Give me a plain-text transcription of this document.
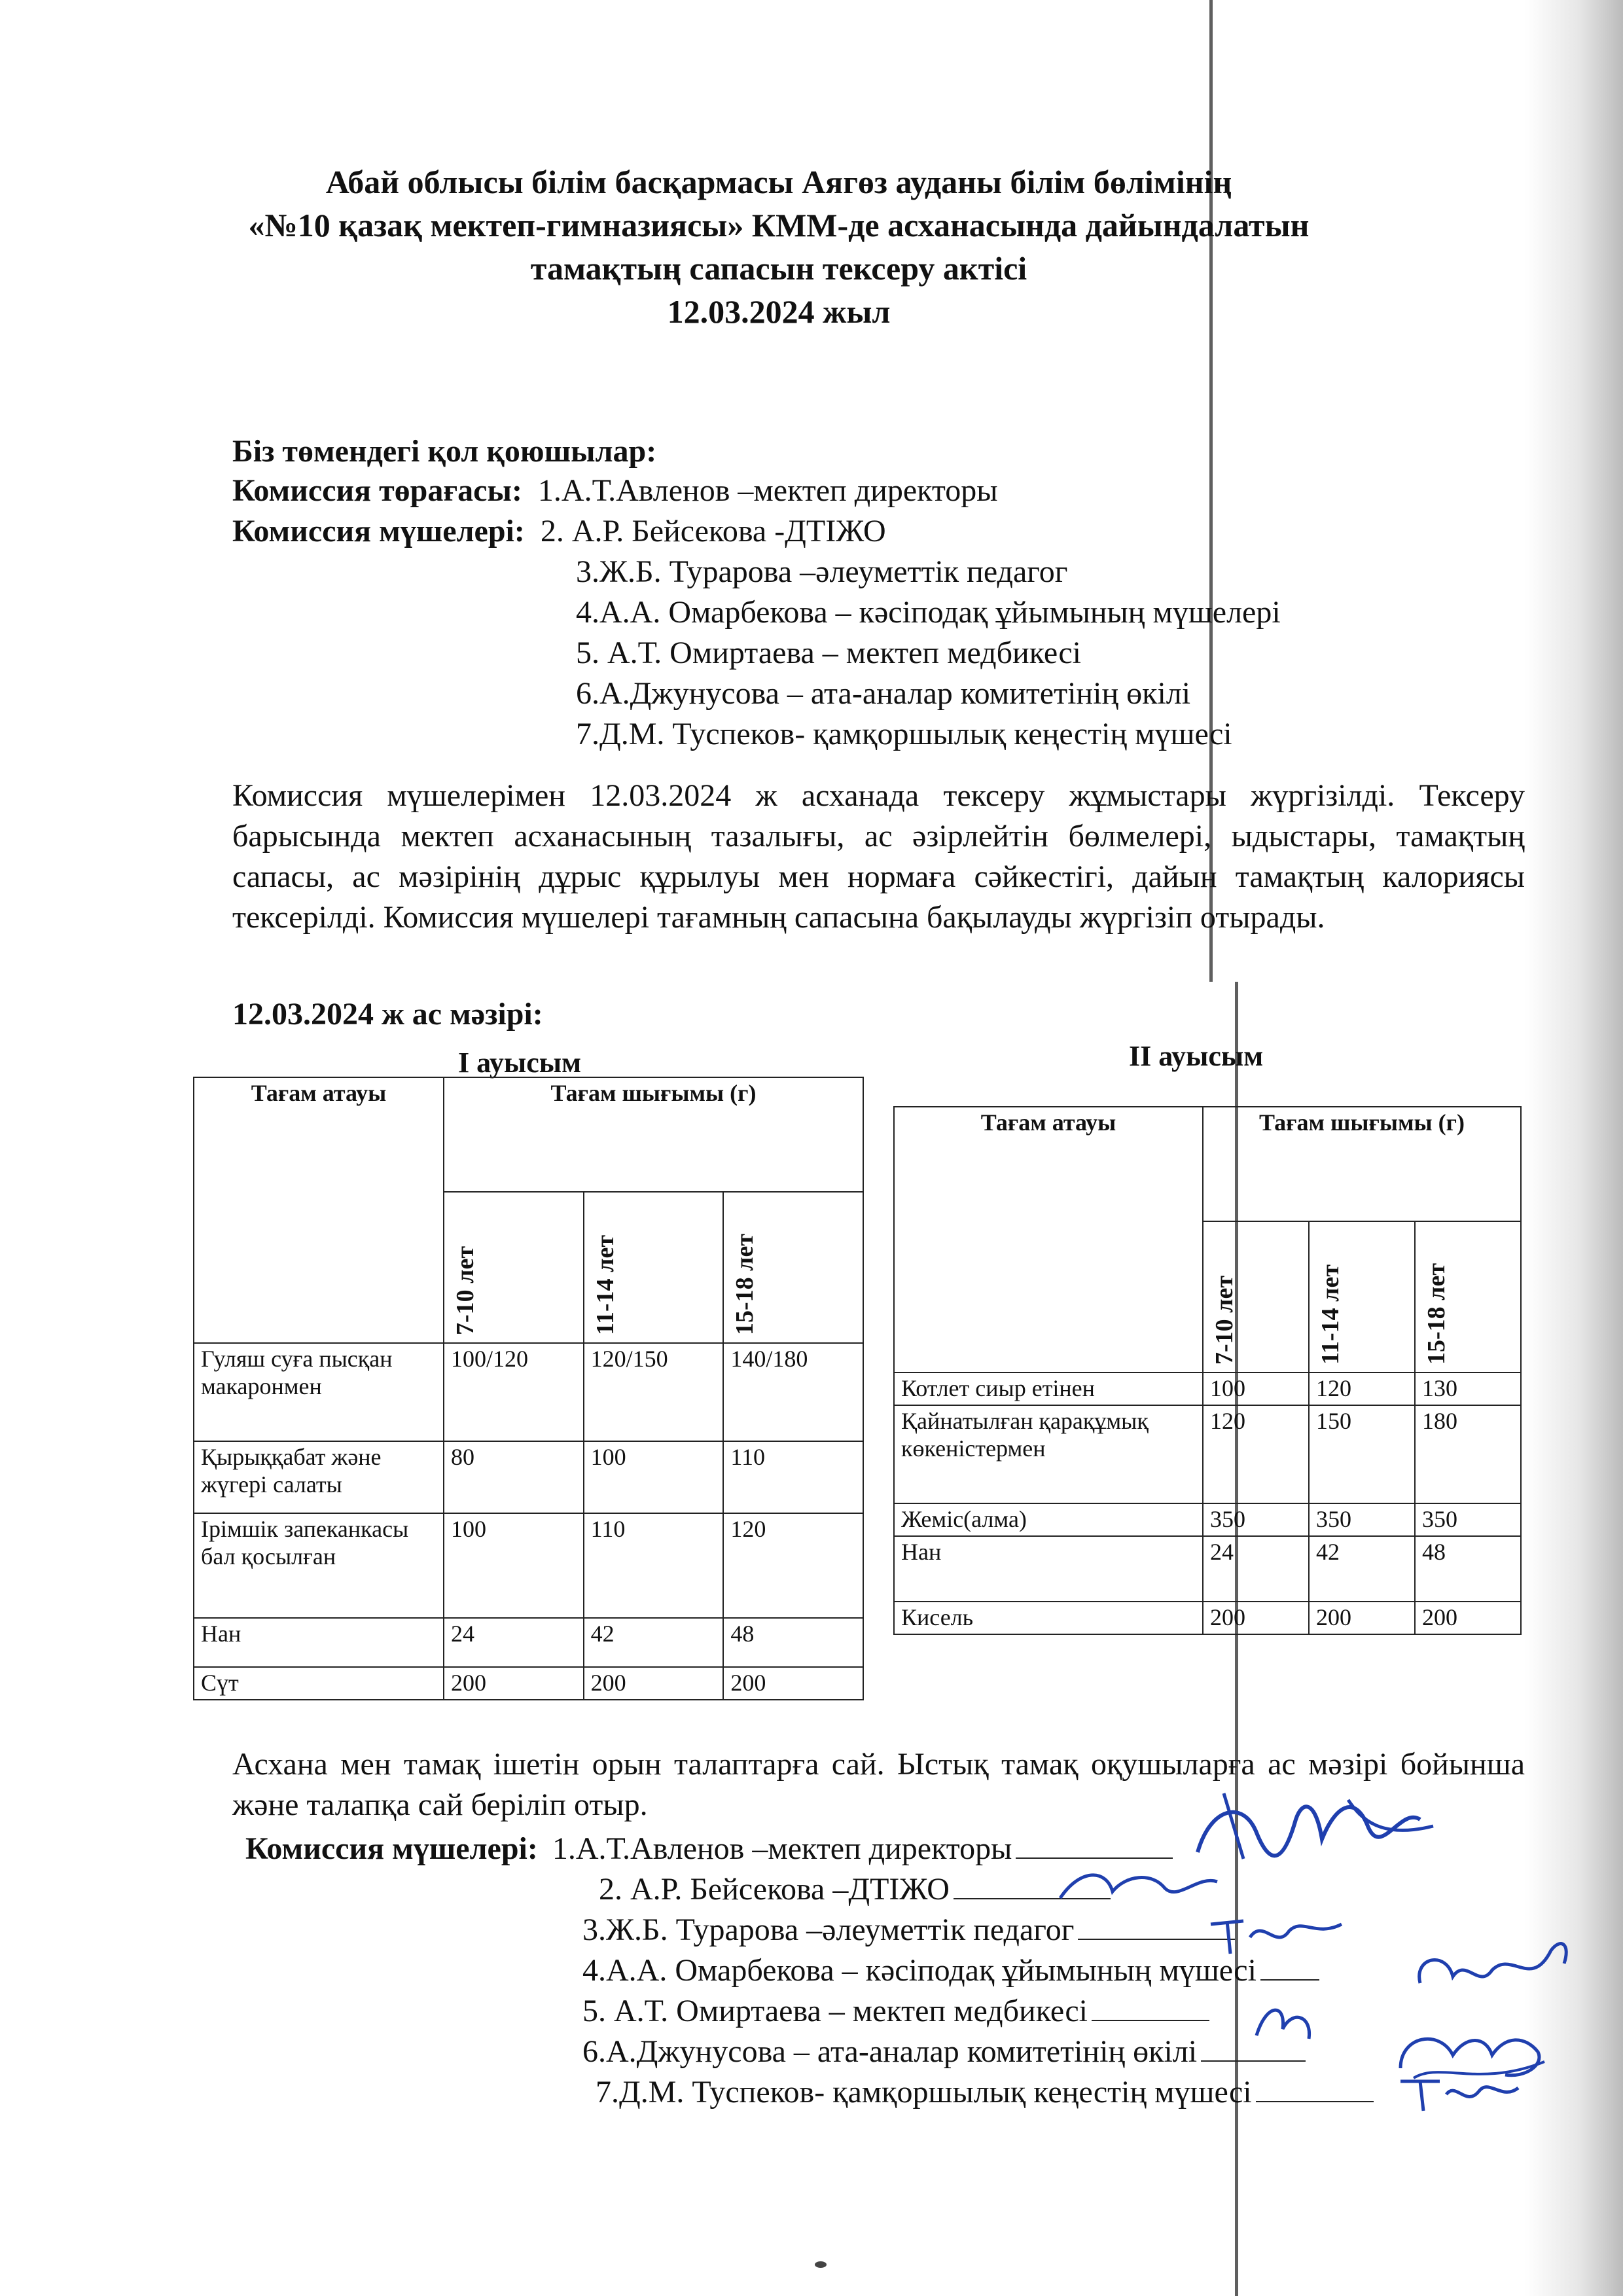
Абай облысы білім басқармасы Аягөз ауданы білім бөлімінің
«№10 қазақ мектеп-гимназиясы» КММ-де асханасында дайындалатын
тамақтың сапасын тексеру актісі
12.03.2024 жыл
Біз төмендегі қол қоюшылар:
Комиссия төрағасы: 1.А.Т.Авленов –мектеп директоры
Комиссия мүшелері: 2. А.Р. Бейсекова -ДТІЖО
3.Ж.Б. Турарова –әлеуметтік педагог
4.А.А. Омарбекова – кәсіподақ ұйымының мүшелері
5. А.Т. Омиртаева – мектеп медбикесі
6.А.Джунусова – ата-аналар комитетінің өкілі
7.Д.М. Туспеков- қамқоршылық кеңестің мүшесі
Комиссия мүшелерімен 12.03.2024 ж асханада тексеру жұмыстары жүргізілді. Тексеру барысында мектеп асханасының тазалығы, ас әзірлейтін бөлмелері, ыдыстары, тамақтың сапасы, ас мәзірінің дұрыс құрылуы мен нормаға сәйкестігі, дайын тамақтың калориясы тексерілді. Комиссия мүшелері тағамның сапасына бақылауды жүргізіп отырады.
12.03.2024 ж ас мәзірі:
І ауысым	ІІ ауысым
Тағам атауы	Тағам шығымы (г)		
	7-10 лет	11-14 лет	15-18 лет
Гуляш суға пысқан макаронмен	100/120	120/150	140/180
Қырыққабат және жүгері салаты	80	100	110
Ірімшік запеканкасы бал қосылған	100	110	120
Нан	24	42	48
Сүт	200	200	200
Тағам атауы	Тағам шығымы (г)		
	7-10 лет	11-14 лет	15-18 лет
Котлет сиыр етінен	100	120	130
Қайнатылған қарақұмық көкеністермен	120	150	180
Жеміс(алма)	350	350	350
Нан	24	42	48
Кисель	200	200	200
Асхана мен тамақ ішетін орын талаптарға сай. Ыстық тамақ оқушыларға ас мәзірі бойынша және талапқа сай беріліп отыр.
Комиссия мүшелері: 1.А.Т.Авленов –мектеп директоры
2. А.Р. Бейсекова –ДТІЖО
3.Ж.Б. Турарова –әлеуметтік педагог
4.А.А. Омарбекова – кәсіподақ ұйымының мүшесі
5. А.Т. Омиртаева – мектеп медбикесі
6.А.Джунусова – ата-аналар комитетінің өкілі
7.Д.М. Туспеков- қамқоршылық кеңестің мүшесі
